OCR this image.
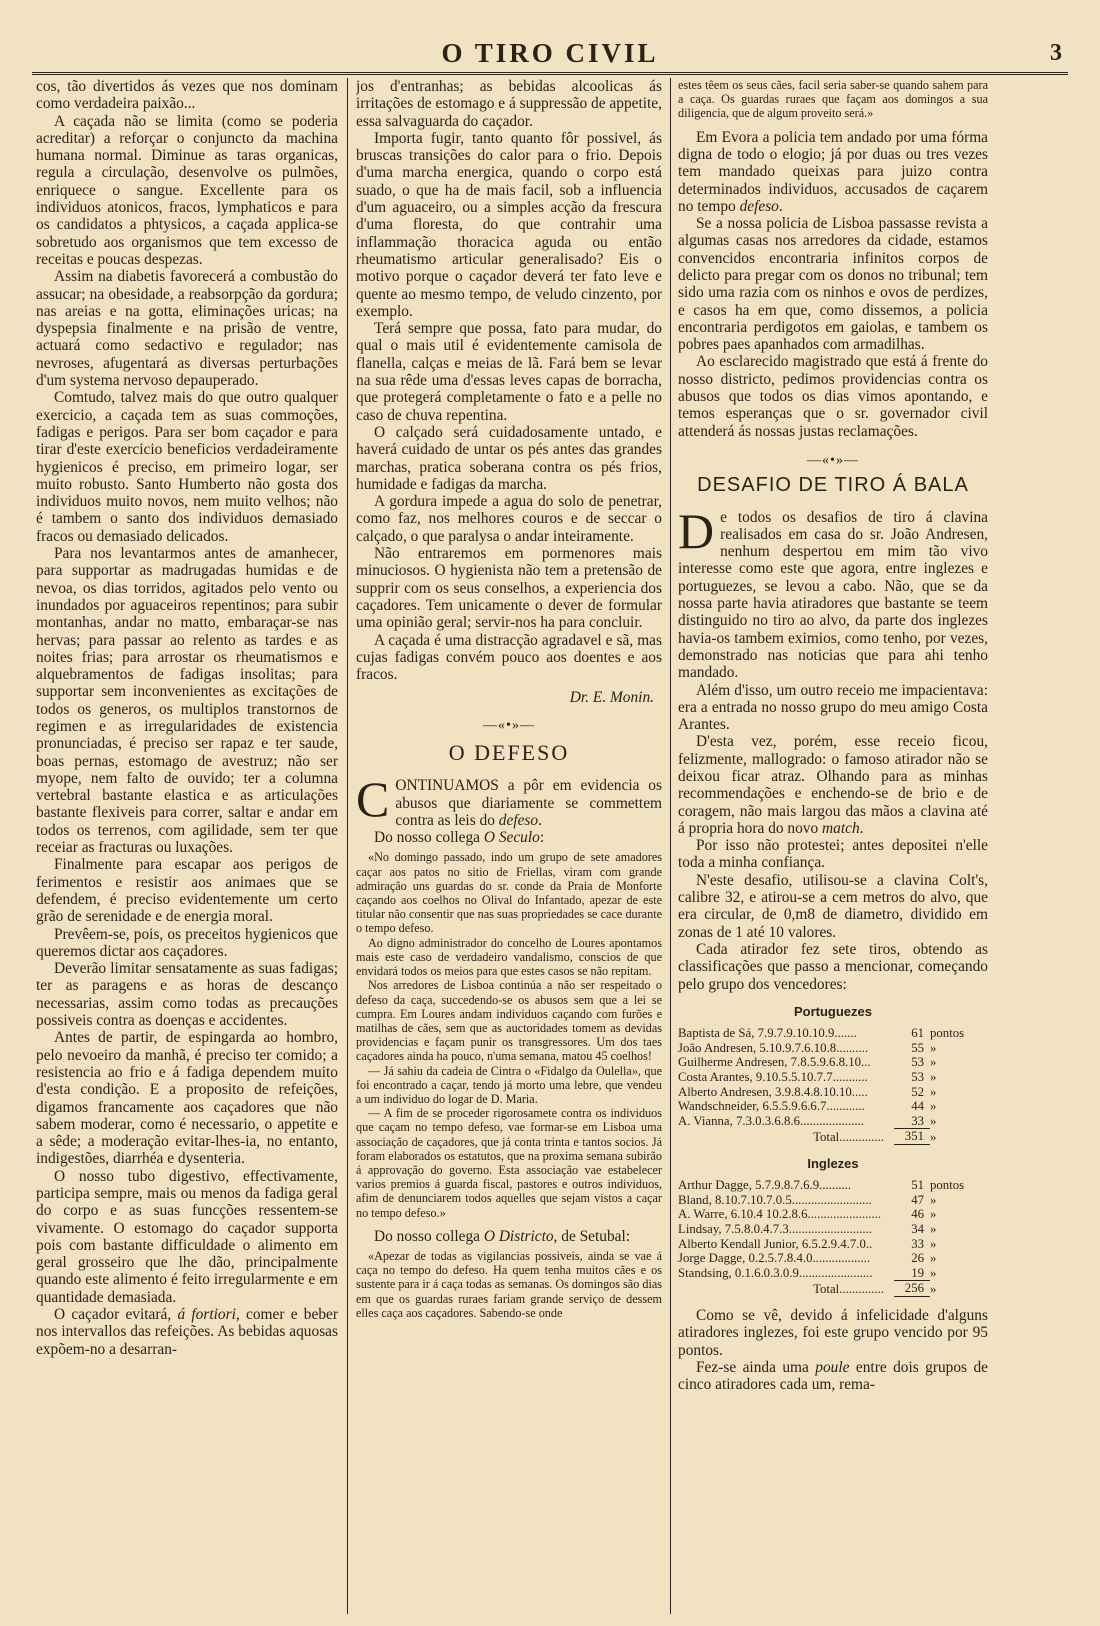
O TIRO CIVIL	3

cos, tão divertidos ás vezes que nos dominam como verdadeira paixão...

A caçada não se limita (como se poderia acreditar) a reforçar o conjuncto da machina humana normal. Diminue as taras organicas, regula a circulação, desenvolve os pulmões, enriquece o sangue. Excellente para os individuos atonicos, fracos, lymphaticos e para os candidatos a phtysicos, a caçada applica-se sobretudo aos organismos que tem excesso de receitas e poucas despezas.

Assim na diabetis favorecerá a combustão do assucar; na obesidade, a reabsorpção da gordura; nas areias e na gotta, eliminações uricas; na dyspepsia finalmente e na prisão de ventre, actuará como sedactivo e regulador; nas nevroses, afugentará as diversas perturbações d'um systema nervoso depauperado.

Comtudo, talvez mais do que outro qualquer exercicio, a caçada tem as suas commoções, fadigas e perigos. Para ser bom caçador e para tirar d'este exercicio beneficios verdadeiramente hygienicos é preciso, em primeiro logar, ser muito robusto. Santo Humberto não gosta dos individuos muito novos, nem muito velhos; não é tambem o santo dos individuos demasiado fracos ou demasiado delicados.

Para nos levantarmos antes de amanhecer, para supportar as madrugadas humidas e de nevoa, os dias torridos, agitados pelo vento ou inundados por aguaceiros repentinos; para subir montanhas, andar no matto, embaraçar-se nas hervas; para passar ao relento as tardes e as noites frias; para arrostar os rheumatismos e alquebramentos de fadigas insolitas; para supportar sem inconvenientes as excitações de todos os generos, os multiplos transtornos de regimen e as irregularidades de existencia pronunciadas, é preciso ser rapaz e ter saude, boas pernas, estomago de avestruz; não ser myope, nem falto de ouvido; ter a columna vertebral bastante elastica e as articulações bastante flexiveis para correr, saltar e andar em todos os terrenos, com agilidade, sem ter que receiar as fracturas ou luxações.

Finalmente para escapar aos perigos de ferimentos e resistir aos animaes que se defendem, é preciso evidentemente um certo grão de serenidade e de energia moral.

Prevêem-se, pois, os preceitos hygienicos que queremos dictar aos caçadores.

Deverão limitar sensatamente as suas fadigas; ter as paragens e as horas de descanço necessarias, assim como todas as precauções possiveis contra as doenças e accidentes.

Antes de partir, de espingarda ao hombro, pelo nevoeiro da manhã, é preciso ter comido; a resistencia ao frio e á fadiga dependem muito d'esta condição. E a proposito de refeições, digamos francamente aos caçadores que não sabem moderar, como é necessario, o appetite e a sêde; a moderação evitar-lhes-ia, no entanto, indigestões, diarrhéa e dysenteria.

O nosso tubo digestivo, effectivamente, participa sempre, mais ou menos da fadiga geral do corpo e as suas funcções ressentem-se vivamente. O estomago do caçador supporta pois com bastante difficuldade o alimento em geral grosseiro que lhe dão, principalmente quando este alimento é feito irregularmente e em quantidade demasiada.

O caçador evitará, á fortiori, comer e beber nos intervallos das refeições. As bebidas aquosas expõem-no a desarran-

jos d'entranhas; as bebidas alcoolicas ás irritações de estomago e á suppressão de appetite, essa salvaguarda do caçador.

Importa fugir, tanto quanto fôr possivel, ás bruscas transições do calor para o frio. Depois d'uma marcha energica, quando o corpo está suado, o que ha de mais facil, sob a influencia d'um aguaceiro, ou a simples acção da frescura d'uma floresta, do que contrahir uma inflammação thoracica aguda ou então rheumatismo articular generalisado? Eis o motivo porque o caçador deverá ter fato leve e quente ao mesmo tempo, de veludo cinzento, por exemplo.

Terá sempre que possa, fato para mudar, do qual o mais util é evidentemente camisola de flanella, calças e meias de lã. Fará bem se levar na sua rêde uma d'essas leves capas de borracha, que protegerá completamente o fato e a pelle no caso de chuva repentina.

O calçado será cuidadosamente untado, e haverá cuidado de untar os pés antes das grandes marchas, pratica soberana contra os pés frios, humidade e fadigas da marcha.

A gordura impede a agua do solo de penetrar, como faz, nos melhores couros e de seccar o calçado, o que paralysa o andar inteiramente.

Não entraremos em pormenores mais minuciosos. O hygienista não tem a pretensão de supprir com os seus conselhos, a experiencia dos caçadores. Tem unicamente o dever de formular uma opinião geral; servir-nos ha para concluir.

A caçada é uma distracção agradavel e sã, mas cujas fadigas convém pouco aos doentes e aos fracos.

Dr. E. Monin.

—«•»—
O DEFESO

CONTINUAMOS a pôr em evidencia os abusos que diariamente se commettem contra as leis do defeso.

Do nosso collega O Seculo:

«No domingo passado, indo um grupo de sete amadores caçar aos patos no sitio de Friellas, viram com grande admiração uns guardas do sr. conde da Praia de Monforte caçando aos coelhos no Olival do Infantado, apezar de este titular não consentir que nas suas propriedades se cace durante o tempo defeso.

Ao digno administrador do concelho de Loures apontamos mais este caso de verdadeiro vandalismo, conscios de que envidará todos os meios para que estes casos se não repitam.

Nos arredores de Lisboa continúa a não ser respeitado o defeso da caça, succedendo-se os abusos sem que a lei se cumpra. Em Loures andam individuos caçando com furões e matilhas de cães, sem que as auctoridades tomem as devidas providencias e façam punir os transgressores. Um dos taes caçadores ainda ha pouco, n'uma semana, matou 45 coelhos!

— Já sahiu da cadeia de Cintra o «Fidalgo da Oulella», que foi encontrado a caçar, tendo já morto uma lebre, que vendeu a um individuo do logar de D. Maria.

— A fim de se proceder rigorosamete contra os individuos que caçam no tempo defeso, vae formar-se em Lisboa uma associação de caçadores, que já conta trinta e tantos socios. Já foram elaborados os estatutos, que na proxima semana subirão á approvação do governo. Esta associação vae estabelecer varios premios á guarda fiscal, pastores e outros individuos, afim de denunciarem todos aquelles que sejam vistos a caçar no tempo defeso.»

Do nosso collega O Districto, de Setubal:

«Apezar de todas as vigilancias possiveis, ainda se vae á caça no tempo do defeso. Ha quem tenha muitos cães e os sustente para ir á caça todas as semanas. Os domingos são dias em que os guardas ruraes fariam grande serviço de dessem elles caça aos caçadores. Sabendo-se onde

estes têem os seus cães, facil seria saber-se quando sahem para a caça. Os guardas ruraes que façam aos domingos a sua diligencia, que de algum proveito será.»

Em Evora a policia tem andado por uma fórma digna de todo o elogio; já por duas ou tres vezes tem mandado queixas para juizo contra determinados individuos, accusados de caçarem no tempo defeso.

Se a nossa policia de Lisboa passasse revista a algumas casas nos arredores da cidade, estamos convencidos encontraria infinitos corpos de delicto para pregar com os donos no tribunal; tem sido uma razia com os ninhos e ovos de perdizes, e casos ha em que, como dissemos, a policia encontraria perdigotos em gaiolas, e tambem os pobres paes apanhados com armadilhas.

Ao esclarecido magistrado que está á frente do nosso districto, pedimos providencias contra os abusos que todos os dias vimos apontando, e temos esperanças que o sr. governador civil attenderá ás nossas justas reclamações.

—«•»—
DESAFIO DE TIRO Á BALA

De todos os desafios de tiro á clavina realisados em casa do sr. João Andresen, nenhum despertou em mim tão vivo interesse como este que agora, entre inglezes e portuguezes, se levou a cabo. Não, que se da nossa parte havia atiradores que bastante se teem distinguido no tiro ao alvo, da parte dos inglezes havia-os tambem eximios, como tenho, por vezes, demonstrado nas noticias que para ahi tenho mandado.

Além d'isso, um outro receio me impacientava: era a entrada no nosso grupo do meu amigo Costa Arantes.

D'esta vez, porém, esse receio ficou, felizmente, mallogrado: o famoso atirador não se deixou ficar atraz. Olhando para as minhas recommendações e enchendo-se de brio e de coragem, não mais largou das mãos a clavina até á propria hora do novo match.

Por isso não protestei; antes depositei n'elle toda a minha confiança.

N'este desafio, utilisou-se a clavina Colt's, calibre 32, e atirou-se a cem metros do alvo, que era circular, de 0,m8 de diametro, dividido em zonas de 1 até 10 valores.

Cada atirador fez sete tiros, obtendo as classificações que passo a mencionar, começando pelo grupo dos vencedores:

Portuguezes
Baptista de Sá, 7.9.7.9.10.10.9.......	61	pontos
João Andresen, 5.10.9.7.6.10.8..........	55	»
Guilherme Andresen, 7.8.5.9.6.8.10...	53	»
Costa Arantes, 9.10.5.5.10.7.7...........	53	»
Alberto Andresen, 3.9.8.4.8.10.10.....	52	»
Wandschneider, 6.5.5.9.6.6.7............	44	»
A. Vianna, 7.3.0.3.6.8.6....................	33	»
Total..............	351	»
Inglezes
Arthur Dagge, 5.7.9.8.7.6.9..........	51	pontos
Bland, 8.10.7.10.7.0.5.........................	47	»
A. Warre, 6.10.4 10.2.8.6.......................	46	»
Lindsay, 7.5.8.0.4.7.3..........................	34	»
Alberto Kendall Junior, 6.5.2.9.4.7.0..	33	»
Jorge Dagge, 0.2.5.7.8.4.0..................	26	»
Standsing, 0.1.6.0.3.0.9.......................	19	»
Total..............	256	»

Como se vê, devido á infelicidade d'alguns atiradores inglezes, foi este grupo vencido por 95 pontos.

Fez-se ainda uma poule entre dois grupos de cinco atiradores cada um, rema-
